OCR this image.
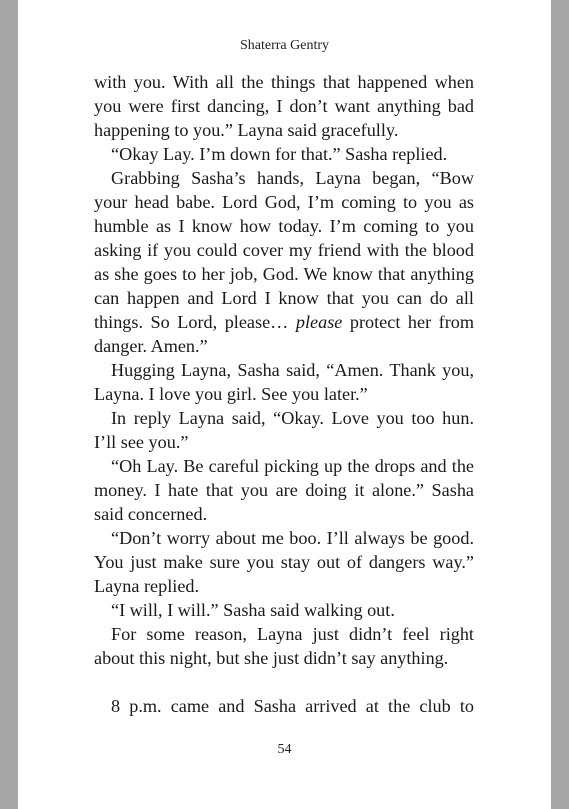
Shaterra Gentry

with you. With all the things that happened when you were first dancing, I don’t want anything bad happening to you.” Layna said gracefully.

“Okay Lay. I’m down for that.” Sasha replied.

Grabbing Sasha’s hands, Layna began, “Bow your head babe. Lord God, I’m coming to you as humble as I know how today. I’m coming to you asking if you could cover my friend with the blood as she goes to her job, God. We know that anything can happen and Lord I know that you can do all things. So Lord, please… please protect her from danger. Amen.”

Hugging Layna, Sasha said, “Amen. Thank you, Layna. I love you girl. See you later.”

In reply Layna said, “Okay. Love you too hun. I’ll see you.”

“Oh Lay. Be careful picking up the drops and the money. I hate that you are doing it alone.” Sasha said concerned.

“Don’t worry about me boo. I’ll always be good. You just make sure you stay out of dangers way.” Layna replied.

“I will, I will.” Sasha said walking out.

For some reason, Layna just didn’t feel right about this night, but she just didn’t say anything.

8 p.m. came and Sasha arrived at the club to

54
